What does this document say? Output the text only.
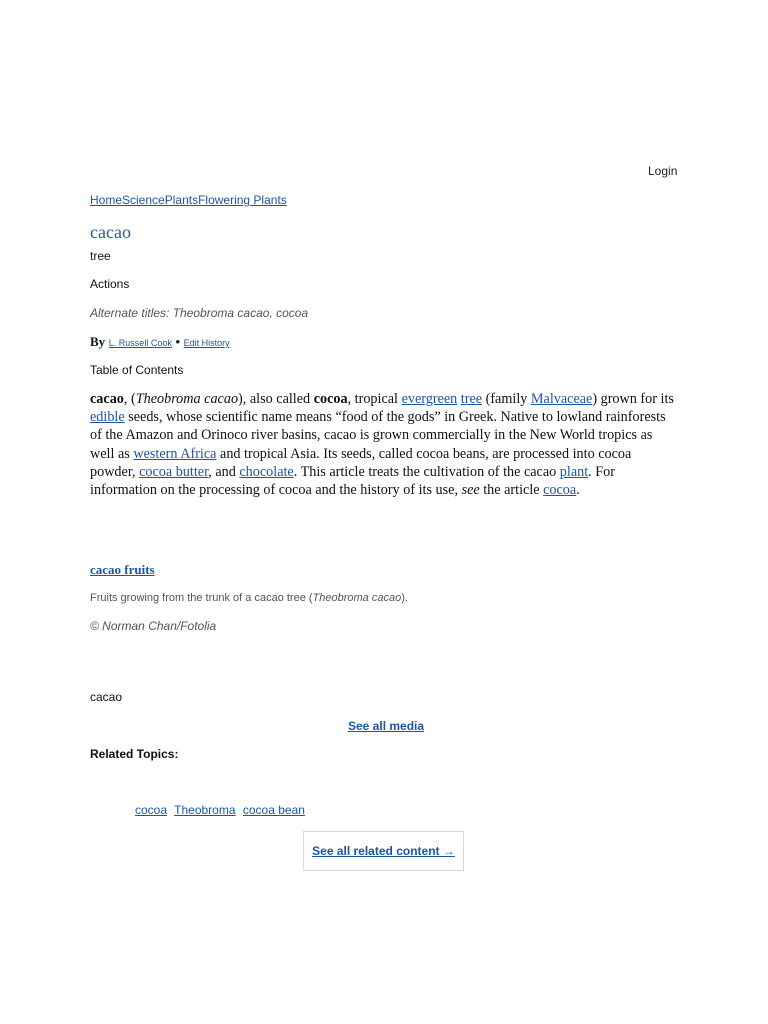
Login
HomeSciencePlantsFlowering Plants
cacao
tree
Actions
Alternate titles: Theobroma cacao, cocoa
By L. Russell Cook • Edit History
Table of Contents
cacao, (Theobroma cacao), also called cocoa, tropical evergreen tree (family Malvaceae) grown for its edible seeds, whose scientific name means “food of the gods” in Greek. Native to lowland rainforests of the Amazon and Orinoco river basins, cacao is grown commercially in the New World tropics as well as western Africa and tropical Asia. Its seeds, called cocoa beans, are processed into cocoa powder, cocoa butter, and chocolate. This article treats the cultivation of the cacao plant. For information on the processing of cocoa and the history of its use, see the article cocoa.
cacao fruits
Fruits growing from the trunk of a cacao tree (Theobroma cacao).
© Norman Chan/Fotolia
cacao
See all media
Related Topics:
cocoa Theobroma cocoa bean
See all related content →
